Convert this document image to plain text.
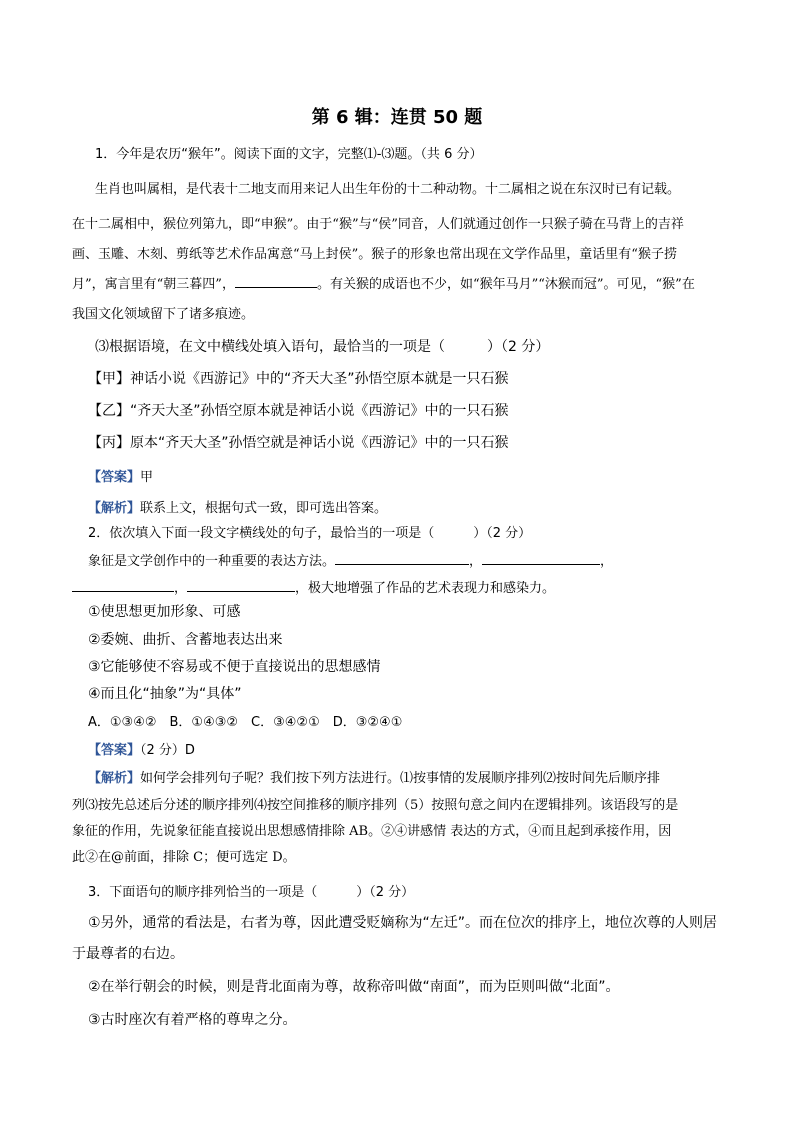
第 6 辑：连贯 50 题
1．今年是农历“猴年”。阅读下面的文字，完整⑴-⑶题。（共 6 分）
生肖也叫属相，是代表十二地支而用来记人出生年份的十二种动物。十二属相之说在东汉时已有记载。
在十二属相中，猴位列第九，即“申猴”。由于“猴”与“侯”同音，人们就通过创作一只猴子骑在马背上的吉祥
画、玉雕、木刻、剪纸等艺术作品寓意“马上封侯”。猴子的形象也常出现在文学作品里，童话里有“猴子捞
月”，寓言里有“朝三暮四”，	。有关猴的成语也不少，如“猴年马月”“沐猴而冠”。可见，“猴”在
我国文化领域留下了诸多痕迹。
⑶根据语境，在文中横线处填入语句，最恰当的一项是（　　　）（2 分）
【甲】神话小说《西游记》中的“齐天大圣”孙悟空原本就是一只石猴
【乙】“齐天大圣”孙悟空原本就是神话小说《西游记》中的一只石猴
【丙】原本“齐天大圣”孙悟空就是神话小说《西游记》中的一只石猴
【答案】甲
【解析】联系上文，根据句式一致，即可选出答案。
2．依次填入下面一段文字横线处的句子，最恰当的一项是（　　　）（2 分）
象征是文学创作中的一种重要的表达方法。	，	，
，	，极大地增强了作品的艺术表现力和感染力。
①使思想更加形象、可感
②委婉、曲折、含蓄地表达出来
③它能够使不容易或不便于直接说出的思想感情
④而且化“抽象”为“具体”
A．①③④②　B．①④③②　C．③④②①　D．③②④①
【答案】（2 分）D
【解析】如何学会排列句子呢？我们按下列方法进行。⑴按事情的发展顺序排列⑵按时间先后顺序排
列⑶按先总述后分述的顺序排列⑷按空间推移的顺序排列（5）按照句意之间内在逻辑排列。该语段写的是
象征的作用，先说象征能直接说出思想感情排除 AB。②④讲感情 表达的方式，④而且起到承接作用，因
此②在@前面，排除 C；便可选定 D。
3．下面语句的顺序排列恰当的一项是（　　　）（2 分）
①另外，通常的看法是，右者为尊，因此遭受贬嫡称为“左迁”。而在位次的排序上，地位次尊的人则居
于最尊者的右边。
②在举行朝会的时候，则是背北面南为尊，故称帝叫做“南面”，而为臣则叫做“北面”。
③古时座次有着严格的尊卑之分。
